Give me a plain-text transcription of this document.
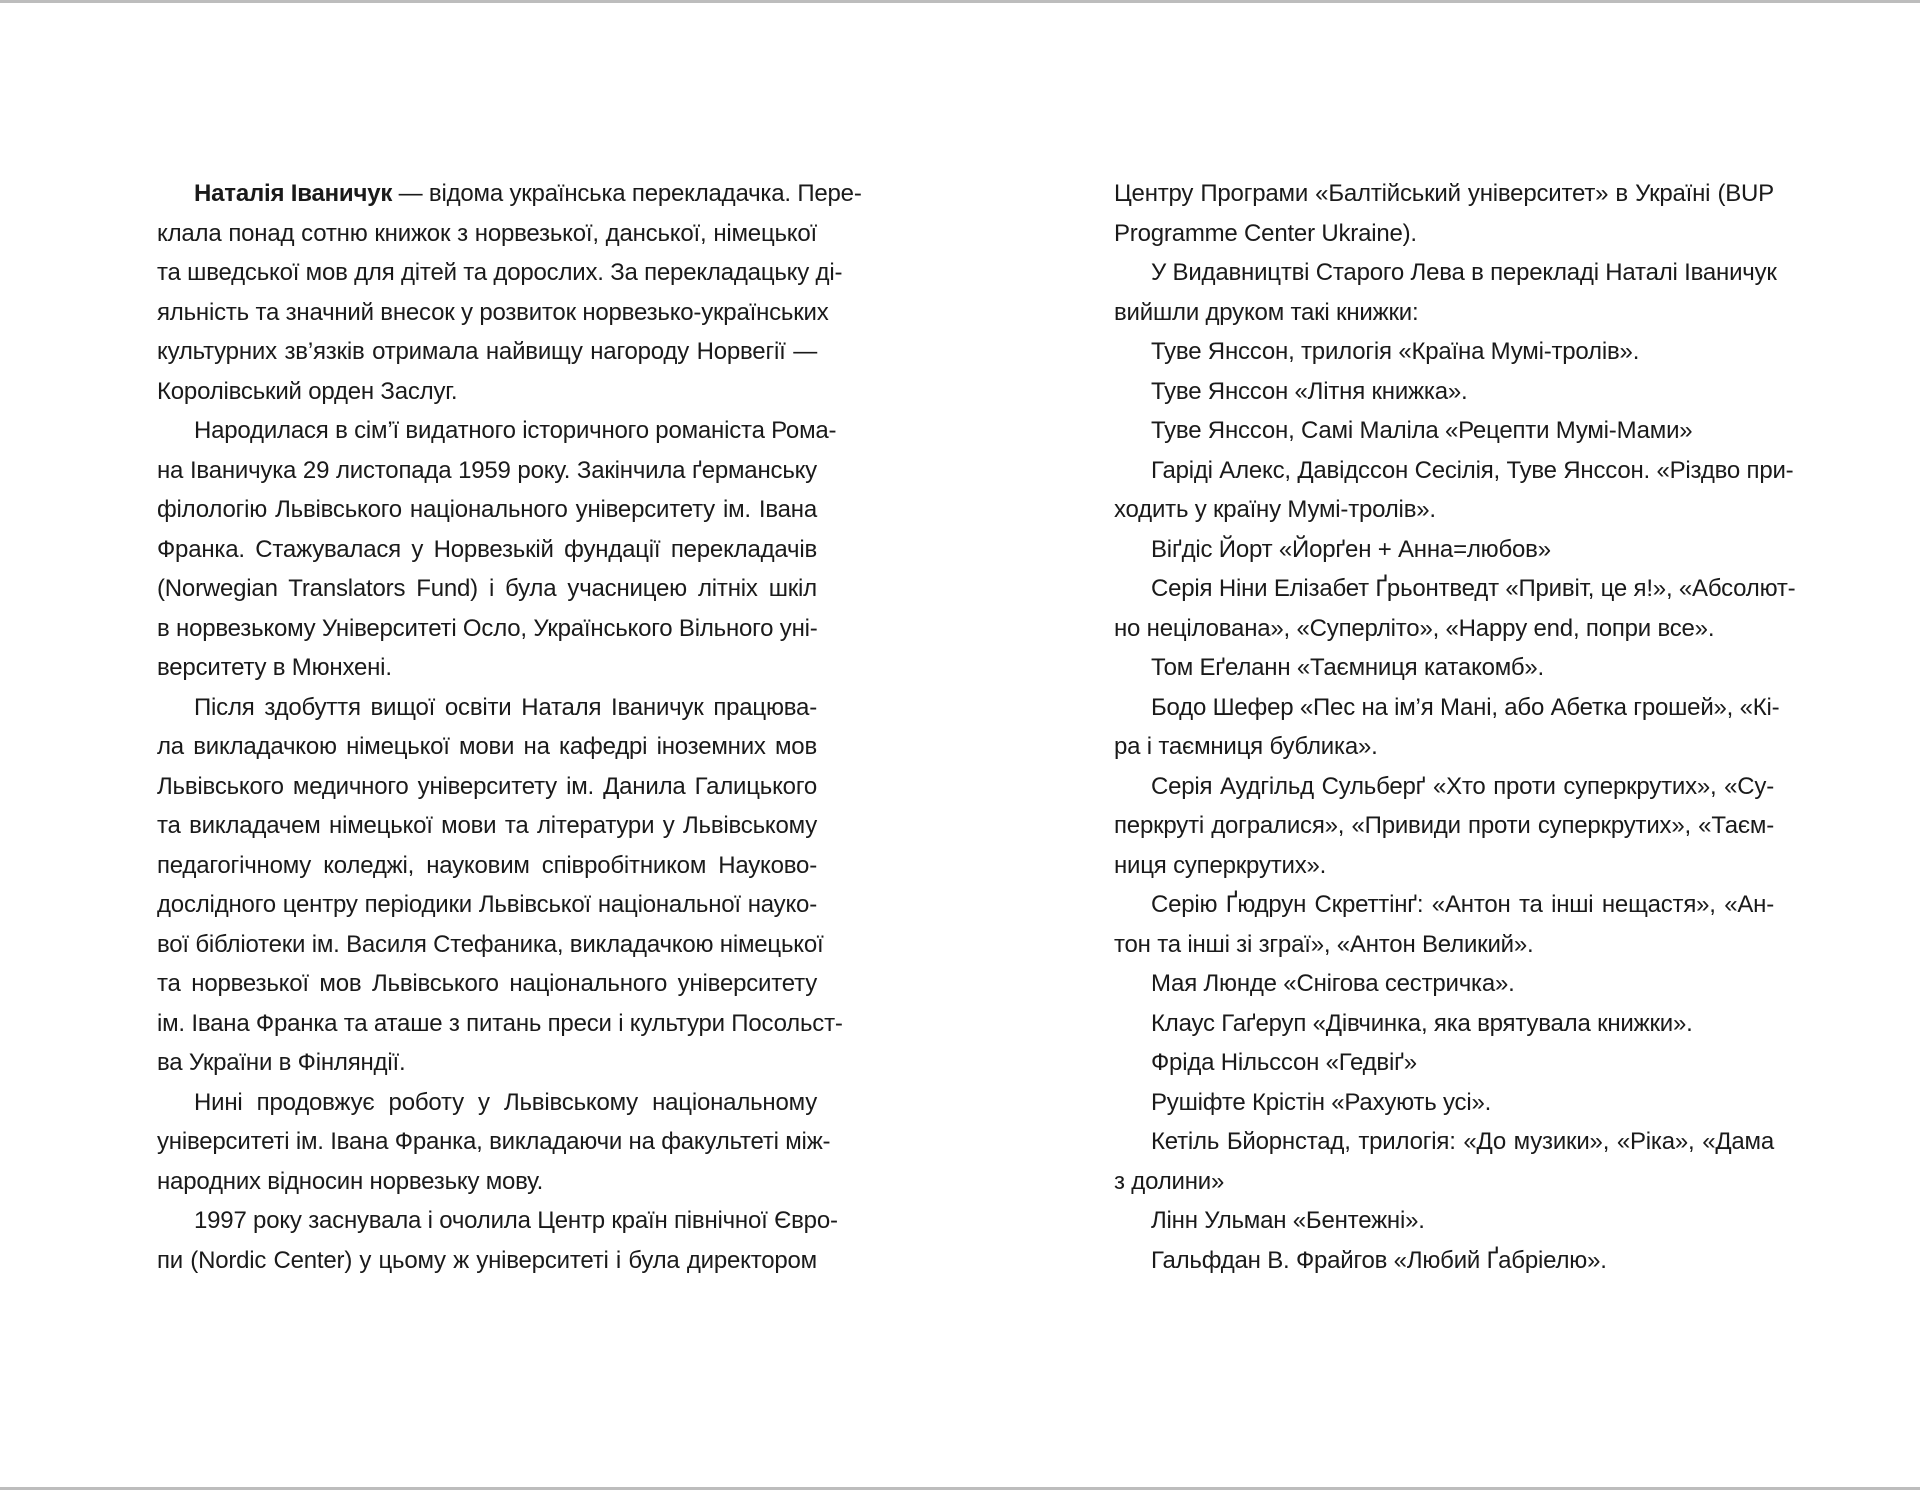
Наталія Іваничук — відома українська перекладачка. Пере-
клала понад сотню книжок з норвезької, данської, німецької
та шведської мов для дітей та дорослих. За перекладацьку ді-
яльність та значний внесок у розвиток норвезько-українських
культурних зв’язків отримала найвищу нагороду Норвегії —
Королівський орден Заслуг.
Народилася в сім’ї видатного історичного романіста Рома-
на Іваничука 29 листопада 1959 року. Закінчила ґерманську
філологію Львівського національного університету ім. Івана
Франка. Стажувалася у Норвезькій фундації перекладачів
(Norwegian Translators Fund) і була учасницею літніх шкіл
в норвезькому Університеті Осло, Українського Вільного уні-
верситету в Мюнхені.
Після здобуття вищої освіти Наталя Іваничук працюва-
ла викладачкою німецької мови на кафедрі іноземних мов
Львівського медичного університету ім. Данила Галицького
та викладачем німецької мови та літератури у Львівському
педагогічному коледжі, науковим співробітником Науково-
дослідного центру періодики Львівської національної науко-
вої бібліотеки ім. Василя Стефаника, викладачкою німецької
та норвезької мов Львівського національного університету
ім. Івана Франка та аташе з питань преси і культури Посольст-
ва України в Фінляндії.
Нині продовжує роботу у Львівському національному
університеті ім. Івана Франка, викладаючи на факультеті між-
народних відносин норвезьку мову.
1997 року заснувала і очолила Центр країн північної Євро-
пи (Nordic Center) у цьому ж університеті і була директором
Центру Програми «Балтійський університет» в Україні (BUP
Programme Center Ukraine).
У Видавництві Старого Лева в перекладі Наталі Іваничук
вийшли друком такі книжки:
Туве Янссон, трилогія «Країна Мумі-тролів».
Туве Янссон «Літня книжка».
Туве Янссон, Самі Маліла «Рецепти Мумі-Мами»
Гаріді Алекс, Давідссон Сесілія, Туве Янссон. «Різдво при-
ходить у країну Мумі-тролів».
Віґдіс Йорт «Йорґен + Анна=любов»
Серія Ніни Елізабет Ґрьонтведт «Привіт, це я!», «Абсолют-
но нецілована», «Суперліто», «Happy end, попри все».
Том Еґеланн «Таємниця катакомб».
Бодо Шефер «Пес на ім’я Мані, або Абетка грошей», «Кі-
ра і таємниця бублика».
Серія Аудгільд Сульберґ «Хто проти суперкрутих», «Су-
перкруті догралися», «Привиди проти суперкрутих», «Таєм-
ниця суперкрутих».
Серію Ґюдрун Скреттінґ: «Антон та інші нещастя», «Ан-
тон та інші зі зграї», «Антон Великий».
Мая Люнде «Снігова сестричка».
Клаус Гаґеруп «Дівчинка, яка врятувала книжки».
Фріда Нільссон «Гедвіґ»
Рушіфте Крістін «Рахують усі».
Кетіль Бйорнстад, трилогія: «До музики», «Ріка», «Дама
з долини»
Лінн Ульман «Бентежні».
Гальфдан В. Фрайгов «Любий Ґабріелю».
